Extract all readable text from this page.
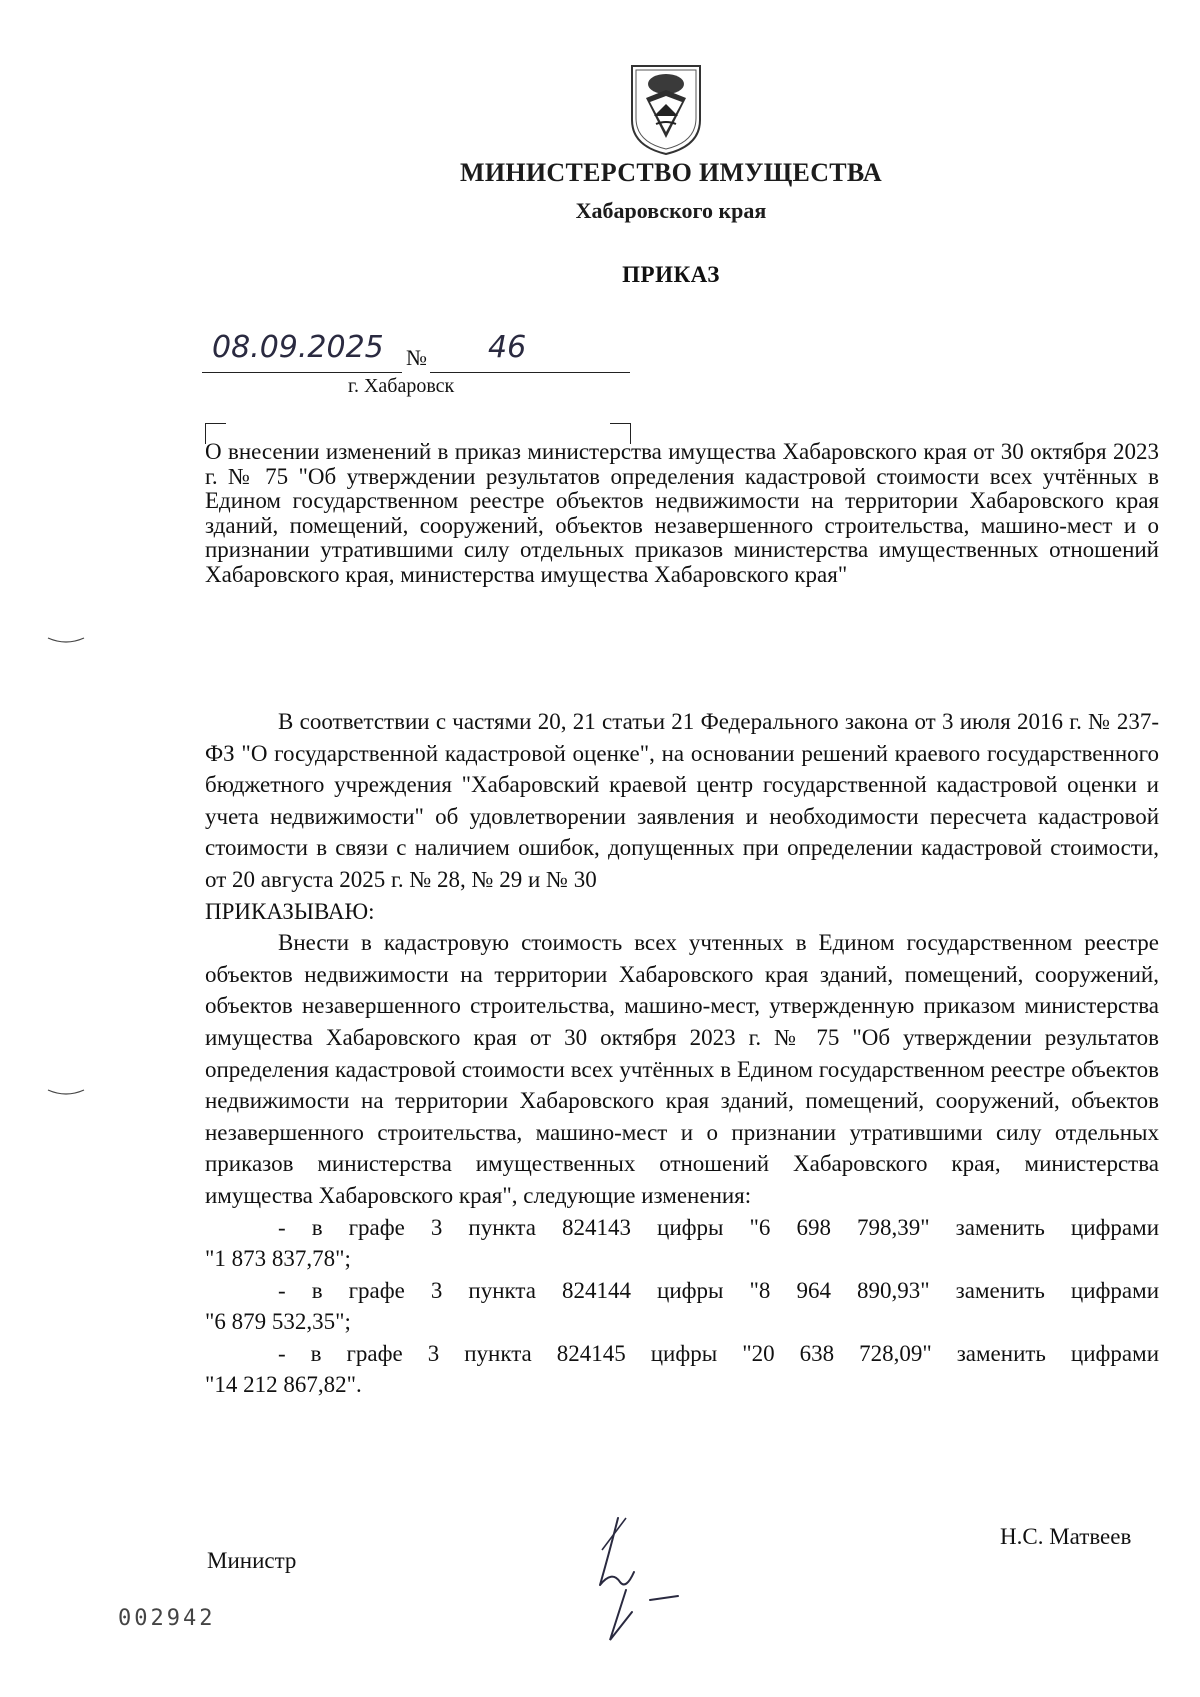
МИНИСТЕРСТВО ИМУЩЕСТВА
Хабаровского края
ПРИКАЗ
08.09.2025 № 46
г. Хабаровск
О внесении изменений в приказ министерства имущества Хабаровского края от 30 октября 2023 г. № 75 "Об утверждении результатов определения кадастровой стоимости всех учтённых в Едином государственном реестре объектов недвижимости на территории Хабаровского края зданий, помещений, сооружений, объектов незавершенного строительства, машино-мест и о признании утратившими силу отдельных приказов министерства имущественных отношений Хабаровского края, министерства имущества Хабаровского края"

В соответствии с частями 20, 21 статьи 21 Федерального закона от 3 июля 2016 г. № 237-ФЗ "О государственной кадастровой оценке", на основании решений краевого государственного бюджетного учреждения "Хабаровский краевой центр государственной кадастровой оценки и учета недвижимости" об удовлетворении заявления и необходимости пересчета кадастровой стоимости в связи с наличием ошибок, допущенных при определении кадастровой стоимости, от 20 августа 2025 г. № 28, № 29 и № 30

ПРИКАЗЫВАЮ:

Внести в кадастровую стоимость всех учтенных в Едином государственном реестре объектов недвижимости на территории Хабаровского края зданий, помещений, сооружений, объектов незавершенного строительства, машино-мест, утвержденную приказом министерства имущества Хабаровского края от 30 октября 2023 г. № 75 "Об утверждении результатов определения кадастровой стоимости всех учтённых в Едином государственном реестре объектов недвижимости на территории Хабаровского края зданий, помещений, сооружений, объектов незавершенного строительства, машино-мест и о признании утратившими силу отдельных приказов министерства имущественных отношений Хабаровского края, министерства имущества Хабаровского края", следующие изменения:

- в графе 3 пункта 824143 цифры "6 698 798,39" заменить цифрами

"1 873 837,78";

- в графе 3 пункта 824144 цифры "8 964 890,93" заменить цифрами

"6 879 532,35";

- в графе 3 пункта 824145 цифры "20 638 728,09" заменить цифрами

"14 212 867,82".

Министр
Н.С. Матвеев
002942
